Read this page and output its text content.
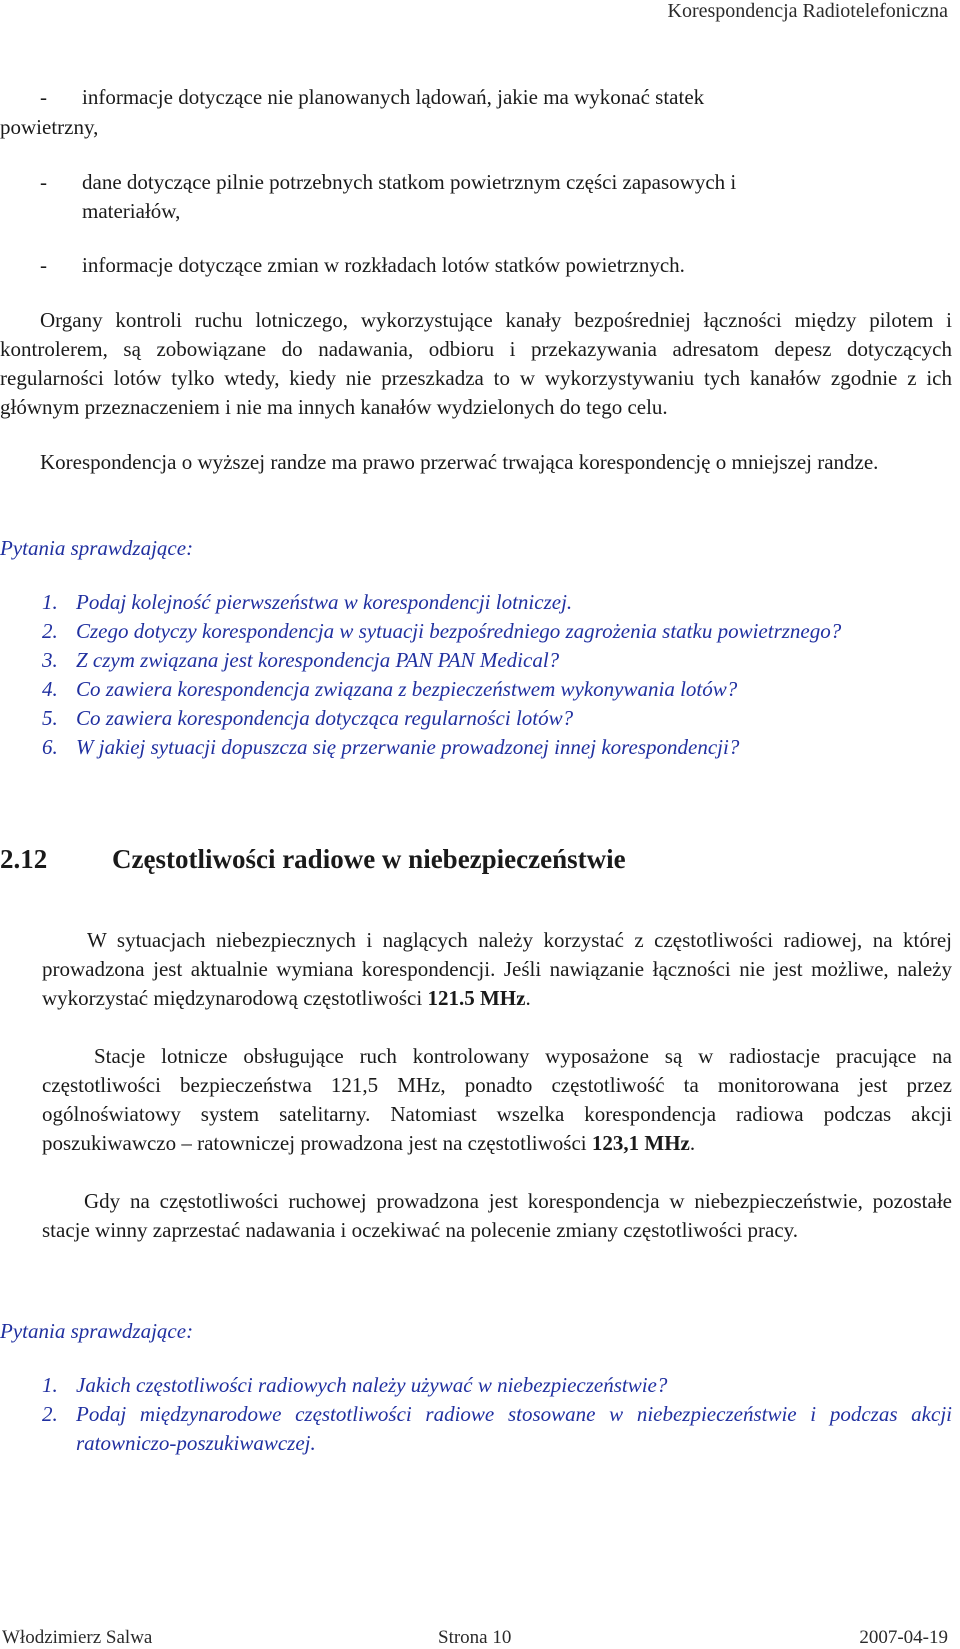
Korespondencja Radiotelefoniczna
- informacje dotyczące nie planowanych lądowań, jakie ma wykonać statek
powietrzny,
- dane dotyczące pilnie potrzebnych statkom powietrznym części zapasowych i
materiałów,
- informacje dotyczące zmian w rozkładach lotów statków powietrznych.
Organy kontroli ruchu lotniczego, wykorzystujące kanały bezpośredniej łączności między pilotem i kontrolerem, są zobowiązane do nadawania, odbioru i przekazywania adresatom depesz dotyczących regularności lotów tylko wtedy, kiedy nie przeszkadza to w wykorzystywaniu tych kanałów zgodnie z ich głównym przeznaczeniem i nie ma innych kanałów wydzielonych do tego celu.
Korespondencja o wyższej randze ma prawo przerwać trwająca korespondencję o mniejszej randze.
Pytania sprawdzające:
1. Podaj kolejność pierwszeństwa w korespondencji lotniczej.
2. Czego dotyczy korespondencja w sytuacji bezpośredniego zagrożenia statku powietrznego?
3. Z czym związana jest korespondencja PAN PAN Medical?
4. Co zawiera korespondencja związana z bezpieczeństwem wykonywania lotów?
5. Co zawiera korespondencja dotycząca regularności lotów?
6. W jakiej sytuacji dopuszcza się przerwanie prowadzonej innej korespondencji?
2.12 Częstotliwości radiowe w niebezpieczeństwie
W sytuacjach niebezpiecznych i naglących należy korzystać z częstotliwości radiowej, na której prowadzona jest aktualnie wymiana korespondencji. Jeśli nawiązanie łączności nie jest możliwe, należy wykorzystać międzynarodową częstotliwości 121.5 MHz.
Stacje lotnicze obsługujące ruch kontrolowany wyposażone są w radiostacje pracujące na częstotliwości bezpieczeństwa 121,5 MHz, ponadto częstotliwość ta monitorowana jest przez ogólnoświatowy system satelitarny. Natomiast wszelka korespondencja radiowa podczas akcji poszukiwawczo – ratowniczej prowadzona jest na częstotliwości 123,1 MHz.
Gdy na częstotliwości ruchowej prowadzona jest korespondencja w niebezpieczeństwie, pozostałe stacje winny zaprzestać nadawania i oczekiwać na polecenie zmiany częstotliwości pracy.
Pytania sprawdzające:
1. Jakich częstotliwości radiowych należy używać w niebezpieczeństwie?
2. Podaj międzynarodowe częstotliwości radiowe stosowane w niebezpieczeństwie i podczas akcji ratowniczo-poszukiwawczej.
Włodzimierz Salwa	Strona 10	2007-04-19
